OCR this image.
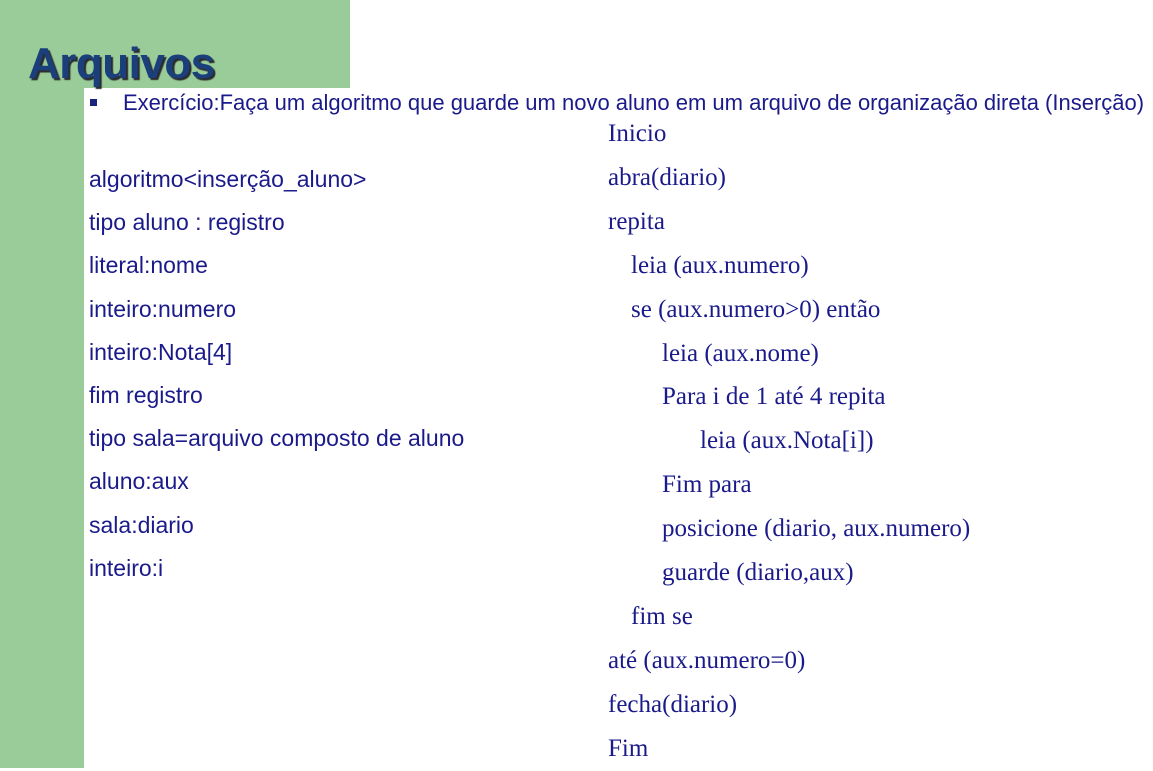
Arquivos
Exercício:Faça um algoritmo que guarde um novo aluno em um arquivo de organização direta (Inserção)
algoritmo<inserção_aluno>
tipo aluno : registro
literal:nome
inteiro:numero
inteiro:Nota[4]
fim registro
tipo sala=arquivo composto de aluno
aluno:aux
sala:diario
inteiro:i
Inicio
abra(diario)
repita
leia (aux.numero)
se (aux.numero>0) então
leia (aux.nome)
Para i de 1 até 4 repita
leia (aux.Nota[i])
Fim para
posicione (diario, aux.numero)
guarde (diario,aux)
fim se
até (aux.numero=0)
fecha(diario)
Fim
